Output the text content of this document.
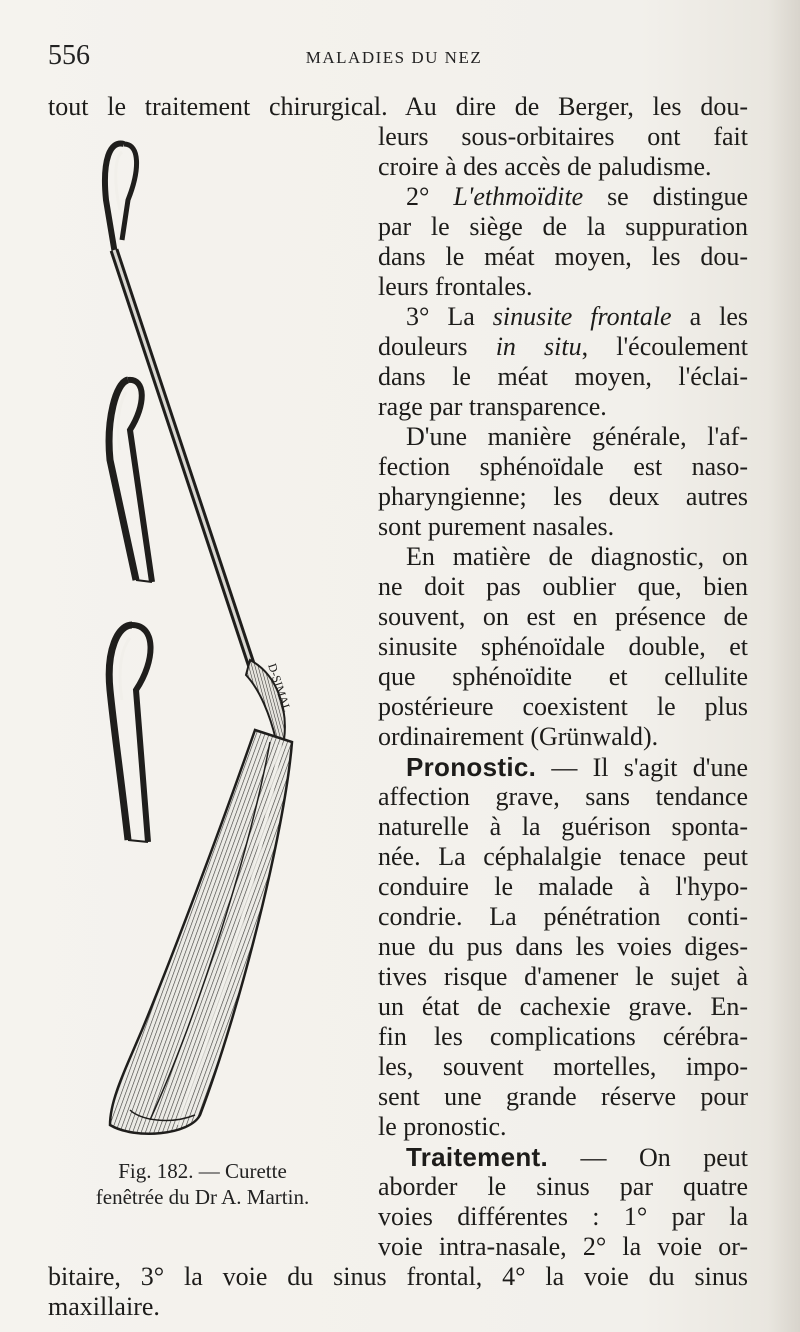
556	MALADIES DU NEZ
D-SIMAL
Fig. 182. — Curette
fenêtrée du Dr A. Martin.
tout le traitement chirurgical. Au dire de Berger, les dou-
leurs sous-orbitaires ont fait
croire à des accès de paludisme.
2° L'ethmoïdite se distingue
par le siège de la suppuration
dans le méat moyen, les dou-
leurs frontales.
3° La sinusite frontale a les
douleurs in situ, l'écoulement
dans le méat moyen, l'éclai-
rage par transparence.
D'une manière générale, l'af-
fection sphénoïdale est naso-
pharyngienne; les deux autres
sont purement nasales.
En matière de diagnostic, on
ne doit pas oublier que, bien
souvent, on est en présence de
sinusite sphénoïdale double, et
que sphénoïdite et cellulite
postérieure coexistent le plus
ordinairement (Grünwald).
Pronostic. — Il s'agit d'une
affection grave, sans tendance
naturelle à la guérison sponta-
née. La céphalalgie tenace peut
conduire le malade à l'hypo-
condrie. La pénétration conti-
nue du pus dans les voies diges-
tives risque d'amener le sujet à
un état de cachexie grave. En-
fin les complications cérébra-
les, souvent mortelles, impo-
sent une grande réserve pour
le pronostic.
Traitement. — On peut
aborder le sinus par quatre
voies différentes : 1° par la
voie intra-nasale, 2° la voie or-
bitaire, 3° la voie du sinus frontal, 4° la voie du sinus
maxillaire.
